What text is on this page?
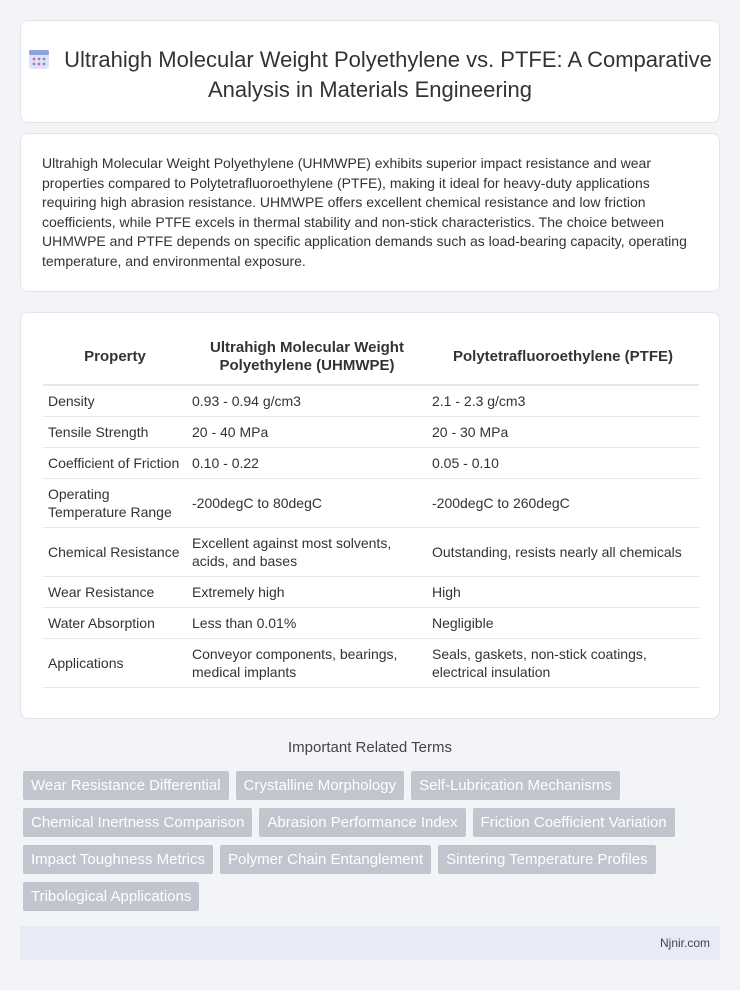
Ultrahigh Molecular Weight Polyethylene vs. PTFE: A Comparative Analysis in Materials Engineering

Ultrahigh Molecular Weight Polyethylene (UHMWPE) exhibits superior impact resistance and wear properties compared to Polytetrafluoroethylene (PTFE), making it ideal for heavy-duty applications requiring high abrasion resistance. UHMWPE offers excellent chemical resistance and low friction coefficients, while PTFE excels in thermal stability and non-stick characteristics. The choice between UHMWPE and PTFE depends on specific application demands such as load-bearing capacity, operating temperature, and environmental exposure.

Property	Ultrahigh Molecular Weight Polyethylene (UHMWPE)	Polytetrafluoroethylene (PTFE)
Density	0.93 - 0.94 g/cm3	2.1 - 2.3 g/cm3
Tensile Strength	20 - 40 MPa	20 - 30 MPa
Coefficient of Friction	0.10 - 0.22	0.05 - 0.10
Operating Temperature Range	-200degC to 80degC	-200degC to 260degC
Chemical Resistance	Excellent against most solvents, acids, and bases	Outstanding, resists nearly all chemicals
Wear Resistance	Extremely high	High
Water Absorption	Less than 0.01%	Negligible
Applications	Conveyor components, bearings, medical implants	Seals, gaskets, non-stick coatings, electrical insulation
Important Related Terms
Wear Resistance Differential	Crystalline Morphology	Self-Lubrication Mechanisms
Chemical Inertness Comparison	Abrasion Performance Index	Friction Coefficient Variation
Impact Toughness Metrics	Polymer Chain Entanglement	Sintering Temperature Profiles
Tribological Applications
Njnir.com
